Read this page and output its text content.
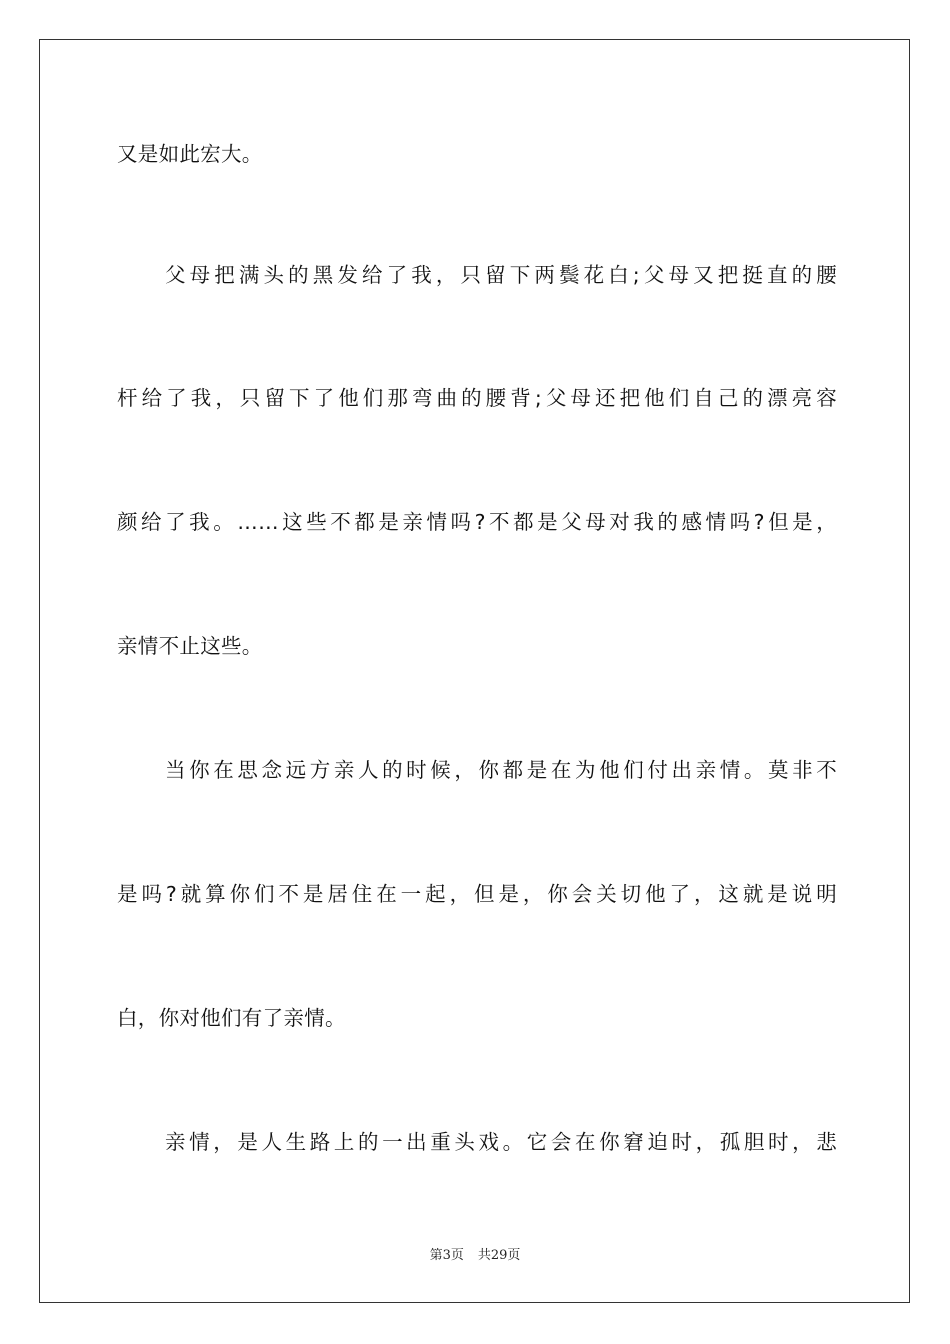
又是如此宏大。
父母把满头的黑发给了我，只留下两鬓花白;父母又把挺直的腰
杆给了我，只留下了他们那弯曲的腰背;父母还把他们自己的漂亮容
颜给了我。……这些不都是亲情吗?不都是父母对我的感情吗?但是，
亲情不止这些。
当你在思念远方亲人的时候，你都是在为他们付出亲情。莫非不
是吗?就算你们不是居住在一起，但是，你会关切他了，这就是说明
白，你对他们有了亲情。
亲情，是人生路上的一出重头戏。它会在你窘迫时，孤胆时，悲
第3页 共29页
